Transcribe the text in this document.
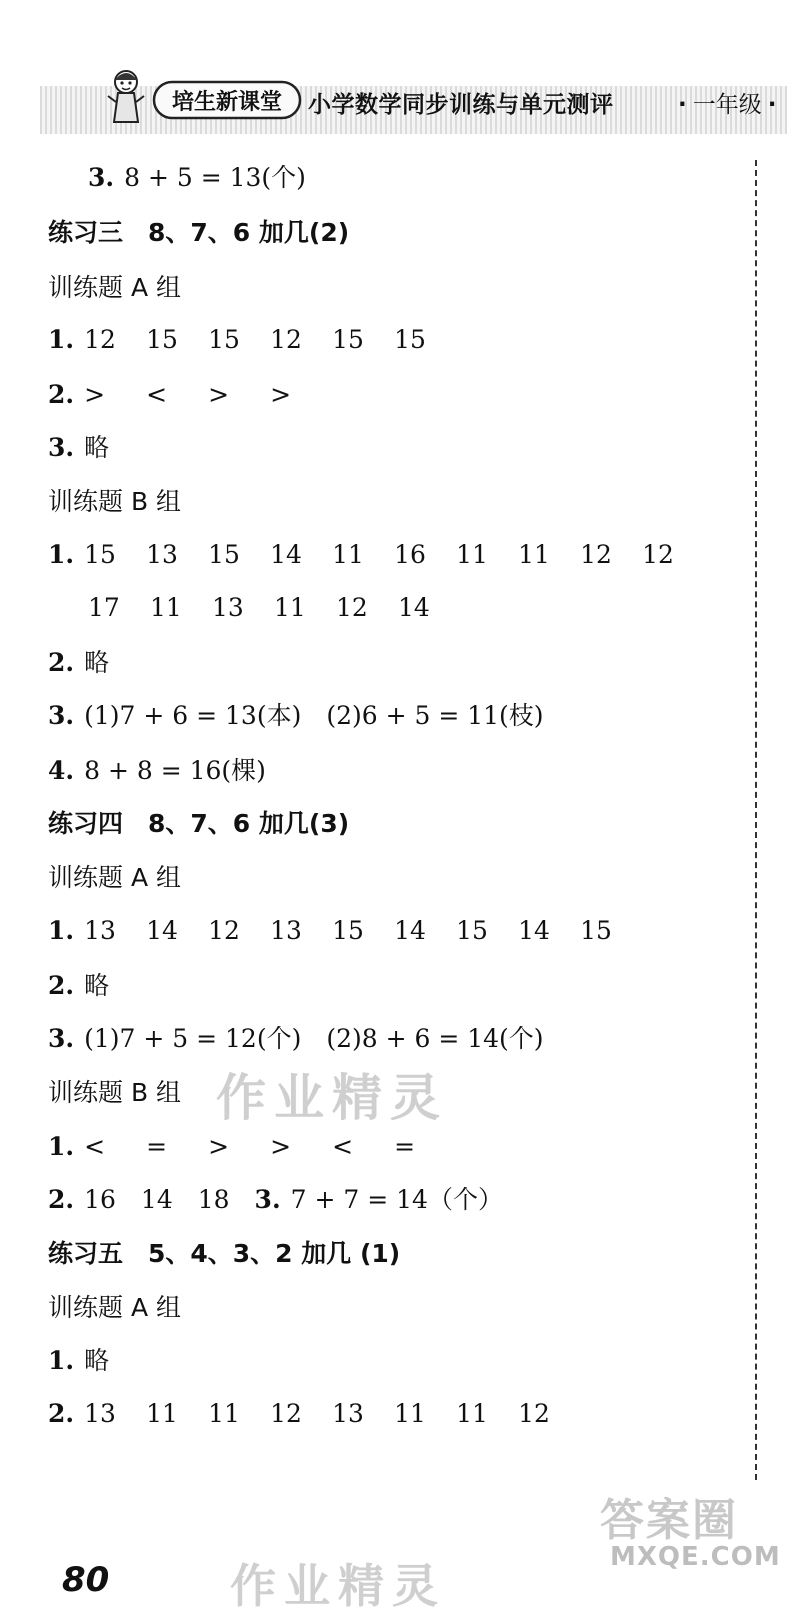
培生新课堂 小学数学同步训练与单元测评	· 一年级 ·
3. 8 + 5 = 13(个)
练习三　8、7、6 加几(2)
训练题 A 组
1. 12 15 15 12 15 15
2. > < > >
3. 略
训练题 B 组
1. 15 13 15 14 11 16 11 11 12 12
17 11 13 11 12 14
2. 略
3. (1)7 + 6 = 13(本)　(2)6 + 5 = 11(枝)
4. 8 + 8 = 16(棵)
练习四　8、7、6 加几(3)
训练题 A 组
1. 13 14 12 13 15 14 15 14 15
2. 略
3. (1)7 + 5 = 12(个)　(2)8 + 6 = 14(个)
训练题 B 组
1. < = > > < =
2. 16　14　18　3. 7 + 7 = 14（个）
练习五　5、4、3、2 加几 (1)
训练题 A 组
1. 略
2. 13 11 11 12 13 11 11 12
作业精灵
作业精灵
答案圈
MXQE.COM
80
